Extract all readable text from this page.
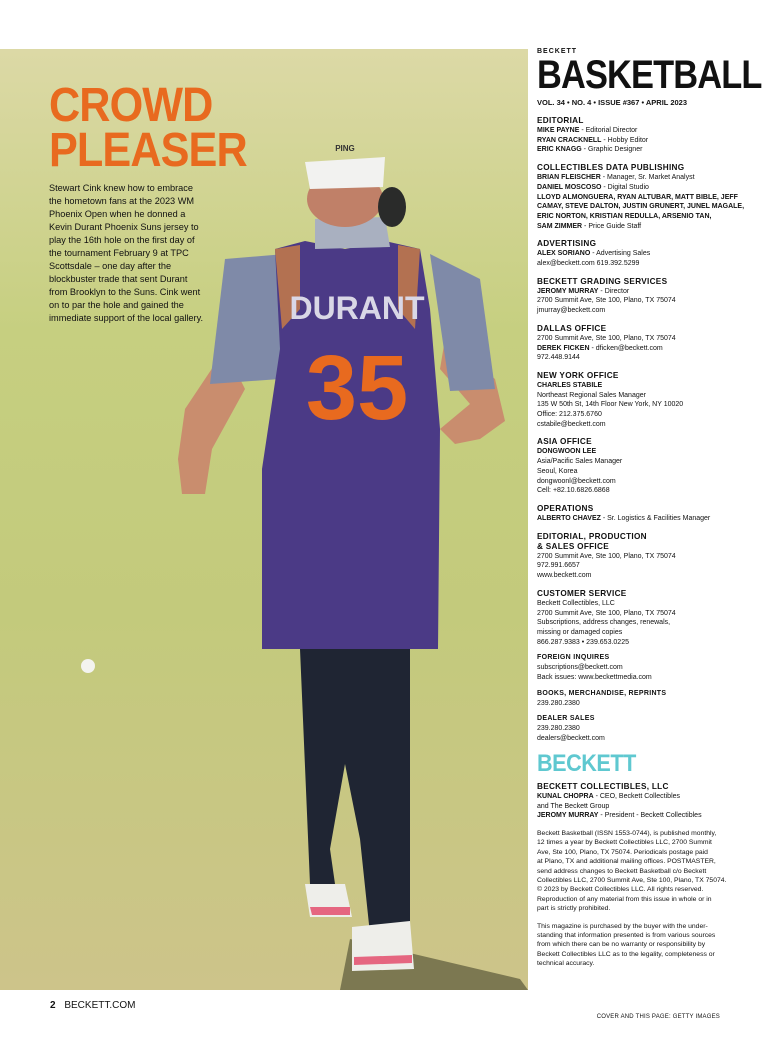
DURANT
35
PING
CROWD
PLEASER
Stewart Cink knew how to embrace
the hometown fans at the 2023 WM
Phoenix Open when he donned a
Kevin Durant Phoenix Suns jersey to
play the 16th hole on the first day of
the tournament February 9 at TPC
Scottsdale – one day after the
blockbuster trade that sent Durant
from Brooklyn to the Suns. Cink went
on to par the hole and gained the
immediate support of the local gallery.
BECKETT
BASKETBALL
VOL. 34 • NO. 4 • ISSUE #367 • APRIL 2023
EDITORIAL
MIKE PAYNE - Editorial Director
RYAN CRACKNELL - Hobby Editor
ERIC KNAGG - Graphic Designer
COLLECTIBLES DATA PUBLISHING
BRIAN FLEISCHER - Manager, Sr. Market Analyst
DANIEL MOSCOSO - Digital Studio
LLOYD ALMONGUERA, RYAN ALTUBAR, MATT BIBLE, JEFF
CAMAY, STEVE DALTON, JUSTIN GRUNERT, JUNEL MAGALE,
ERIC NORTON, KRISTIAN REDULLA, ARSENIO TAN,
SAM ZIMMER - Price Guide Staff
ADVERTISING
ALEX SORIANO - Advertising Sales
alex@beckett.com 619.392.5299
BECKETT GRADING SERVICES
JEROMY MURRAY - Director
2700 Summit Ave, Ste 100, Plano, TX 75074
jmurray@beckett.com
DALLAS OFFICE
2700 Summit Ave, Ste 100, Plano, TX 75074
DEREK FICKEN - dficken@beckett.com
972.448.9144
NEW YORK OFFICE
CHARLES STABILE
Northeast Regional Sales Manager
135 W 50th St, 14th Floor New York, NY 10020
Office: 212.375.6760
cstabile@beckett.com
ASIA OFFICE
DONGWOON LEE
Asia/Pacific Sales Manager
Seoul, Korea
dongwoonl@beckett.com
Cell: +82.10.6826.6868
OPERATIONS
ALBERTO CHAVEZ - Sr. Logistics & Facilities Manager
EDITORIAL, PRODUCTION
& SALES OFFICE
2700 Summit Ave, Ste 100, Plano, TX 75074
972.991.6657
www.beckett.com
CUSTOMER SERVICE
Beckett Collectibles, LLC
2700 Summit Ave, Ste 100, Plano, TX 75074
Subscriptions, address changes, renewals,
missing or damaged copies
866.287.9383 • 239.653.0225
FOREIGN INQUIRES
subscriptions@beckett.com
Back issues: www.beckettmedia.com
BOOKS, MERCHANDISE, REPRINTS
239.280.2380
DEALER SALES
239.280.2380
dealers@beckett.com
BECKETT
BECKETT COLLECTIBLES, LLC
KUNAL CHOPRA - CEO, Beckett Collectibles
and The Beckett Group
JEROMY MURRAY - President - Beckett Collectibles
Beckett Basketball (ISSN 1553-0744), is published monthly,
12 times a year by Beckett Collectibles LLC, 2700 Summit
Ave, Ste 100, Plano, TX 75074. Periodicals postage paid
at Plano, TX and additional mailing offices. POSTMASTER,
send address changes to Beckett Basketball c/o Beckett
Collectibles LLC, 2700 Summit Ave, Ste 100, Plano, TX 75074.
© 2023 by Beckett Collectibles LLC. All rights reserved.
Reproduction of any material from this issue in whole or in
part is strictly prohibited.
This magazine is purchased by the buyer with the under-
standing that information presented is from various sources
from which there can be no warranty or responsibility by
Beckett Collectibles LLC as to the legality, completeness or
technical accuracy.
2 BECKETT.COM
COVER AND THIS PAGE: GETTY IMAGES
